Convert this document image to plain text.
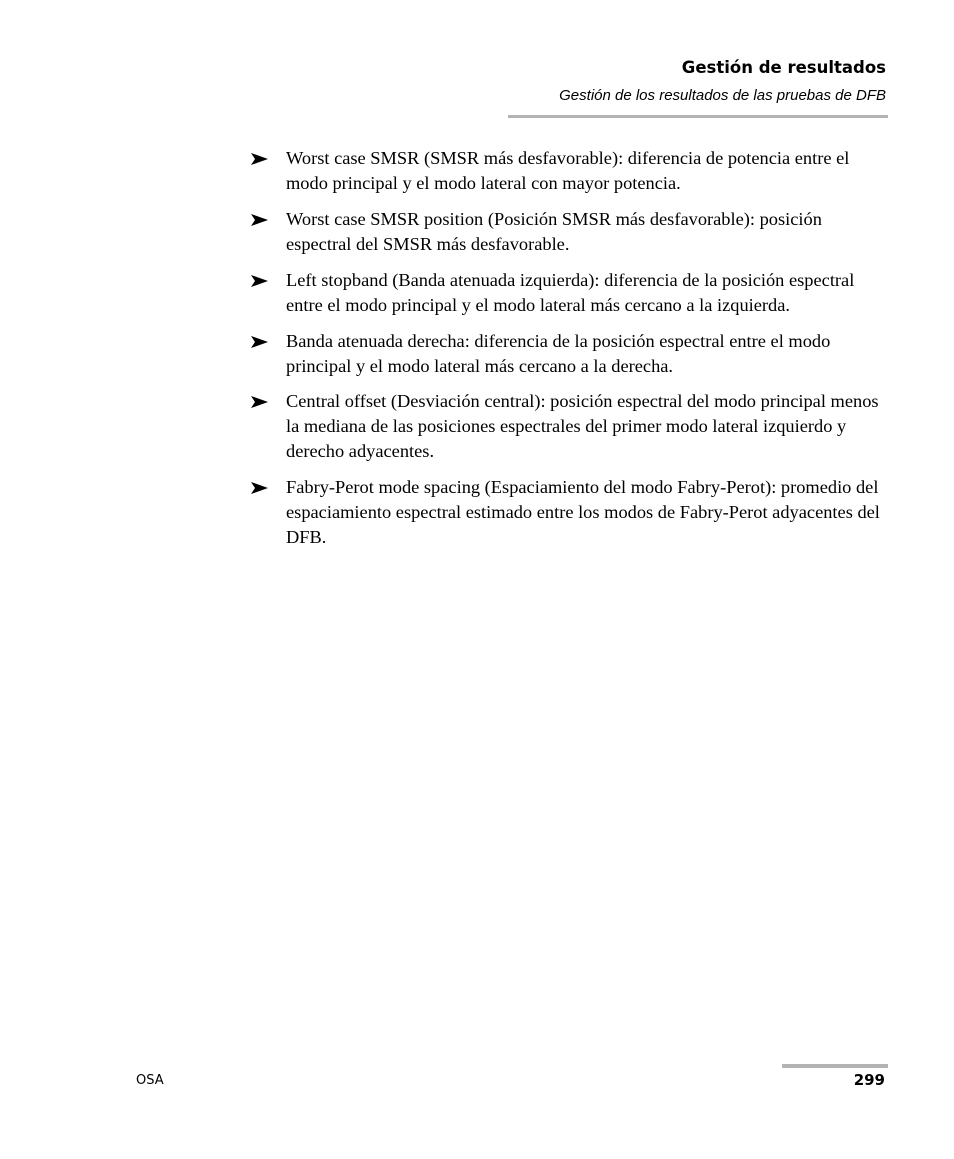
Gestión de resultados
Gestión de los resultados de las pruebas de DFB
Worst case SMSR (SMSR más desfavorable): diferencia de potencia entre el modo principal y el modo lateral con mayor potencia.
Worst case SMSR position (Posición SMSR más desfavorable): posición espectral del SMSR más desfavorable.
Left stopband (Banda atenuada izquierda): diferencia de la posición espectral entre el modo principal y el modo lateral más cercano a la izquierda.
Banda atenuada derecha: diferencia de la posición espectral entre el modo principal y el modo lateral más cercano a la derecha.
Central offset (Desviación central): posición espectral del modo principal menos la mediana de las posiciones espectrales del primer modo lateral izquierdo y derecho adyacentes.
Fabry-Perot mode spacing (Espaciamiento del modo Fabry-Perot): promedio del espaciamiento espectral estimado entre los modos de Fabry-Perot adyacentes del DFB.
OSA	299
